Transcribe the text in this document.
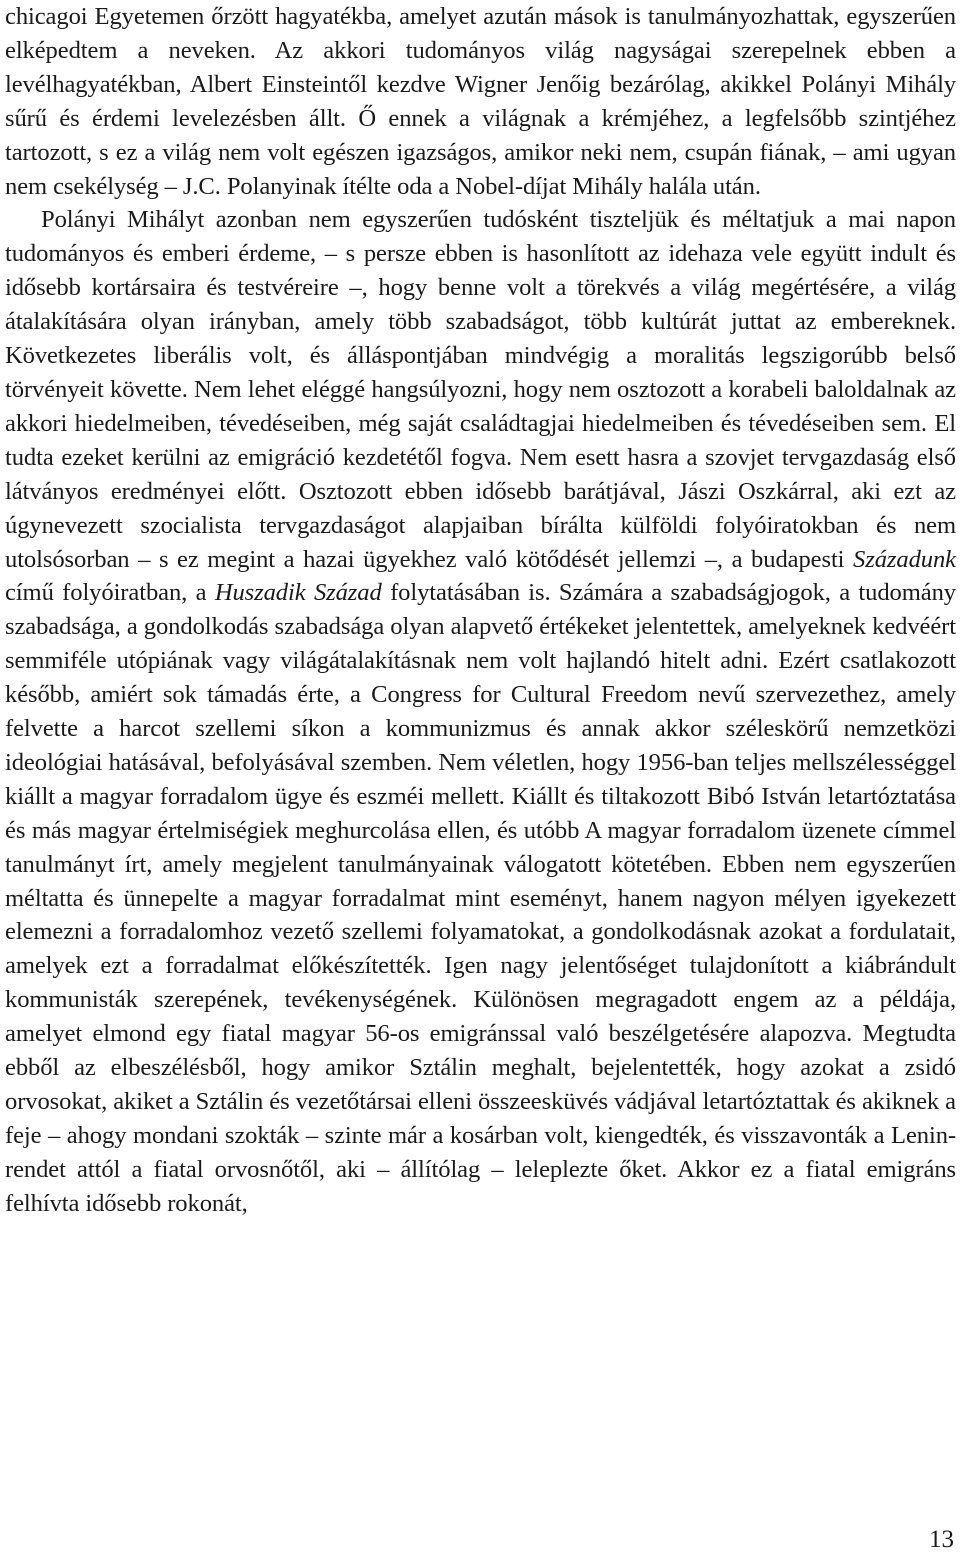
chicagoi Egyetemen őrzött hagyatékba, amelyet azután mások is tanulmányozhattak, egyszerűen elképedtem a neveken. Az akkori tudományos világ nagyságai szerepelnek ebben a levélhagyatékban, Albert Einsteintől kezdve Wigner Jenőig bezárólag, akikkel Polányi Mihály sűrű és érdemi levelezésben állt. Ő ennek a világnak a krémjéhez, a legfelsőbb szintjéhez tartozott, s ez a világ nem volt egészen igazságos, amikor neki nem, csupán fiának, – ami ugyan nem csekélység – J.C. Polanyinak ítélte oda a Nobel-díjat Mihály halála után.

Polányi Mihályt azonban nem egyszerűen tudósként tiszteljük és méltatjuk a mai napon tudományos és emberi érdeme, – s persze ebben is hasonlított az idehaza vele együtt indult és idősebb kortársaira és testvéreire –, hogy benne volt a törekvés a világ megértésére, a világ átalakítására olyan irányban, amely több szabadságot, több kultúrát juttat az embereknek. Következetes liberális volt, és álláspontjában mindvégig a moralitás legszigorúbb belső törvényeit követte. Nem lehet eléggé hangsúlyozni, hogy nem osztozott a korabeli baloldalnak az akkori hiedelmeiben, tévedéseiben, még saját családtagjai hiedelmeiben és tévedéseiben sem. El tudta ezeket kerülni az emigráció kezdetétől fogva. Nem esett hasra a szovjet tervgazdaság első látványos eredményei előtt. Osztozott ebben idősebb barátjával, Jászi Oszkárral, aki ezt az úgynevezett szocialista tervgazdaságot alapjaiban bírálta külföldi folyóiratokban és nem utolsósorban – s ez megint a hazai ügyekhez való kötődését jellemzi –, a budapesti Századunk című folyóiratban, a Huszadik Század folytatásában is. Számára a szabadságjogok, a tudomány szabadsága, a gondolkodás szabadsága olyan alapvető értékeket jelentettek, amelyeknek kedvéért semmiféle utópiának vagy világátalakításnak nem volt hajlandó hitelt adni. Ezért csatlakozott később, amiért sok támadás érte, a Congress for Cultural Freedom nevű szervezethez, amely felvette a harcot szellemi síkon a kommunizmus és annak akkor széleskörű nemzetközi ideológiai hatásával, befolyásával szemben. Nem véletlen, hogy 1956-ban teljes mellszélességgel kiállt a magyar forradalom ügye és eszméi mellett. Kiállt és tiltakozott Bibó István letartóztatása és más magyar értelmiségiek meghurcolása ellen, és utóbb A magyar forradalom üzenete címmel tanulmányt írt, amely megjelent tanulmányainak válogatott kötetében. Ebben nem egyszerűen méltatta és ünnepelte a magyar forradalmat mint eseményt, hanem nagyon mélyen igyekezett elemezni a forradalomhoz vezető szellemi folyamatokat, a gondolkodásnak azokat a fordulatait, amelyek ezt a forradalmat előkészítették. Igen nagy jelentőséget tulajdonított a kiábrándult kommunisták szerepének, tevékenységének. Különösen megragadott engem az a példája, amelyet elmond egy fiatal magyar 56-os emigránssal való beszélgetésére alapozva. Megtudta ebből az elbeszélésből, hogy amikor Sztálin meghalt, bejelentették, hogy azokat a zsidó orvosokat, akiket a Sztálin és vezetőtársai elleni összeesküvés vádjával letartóztattak és akiknek a feje – ahogy mondani szokták – szinte már a kosárban volt, kiengedték, és visszavonták a Lenin-rendet attól a fiatal orvosnőtől, aki – állítólag – leleplezte őket. Akkor ez a fiatal emigráns felhívta idősebb rokonát,

13
